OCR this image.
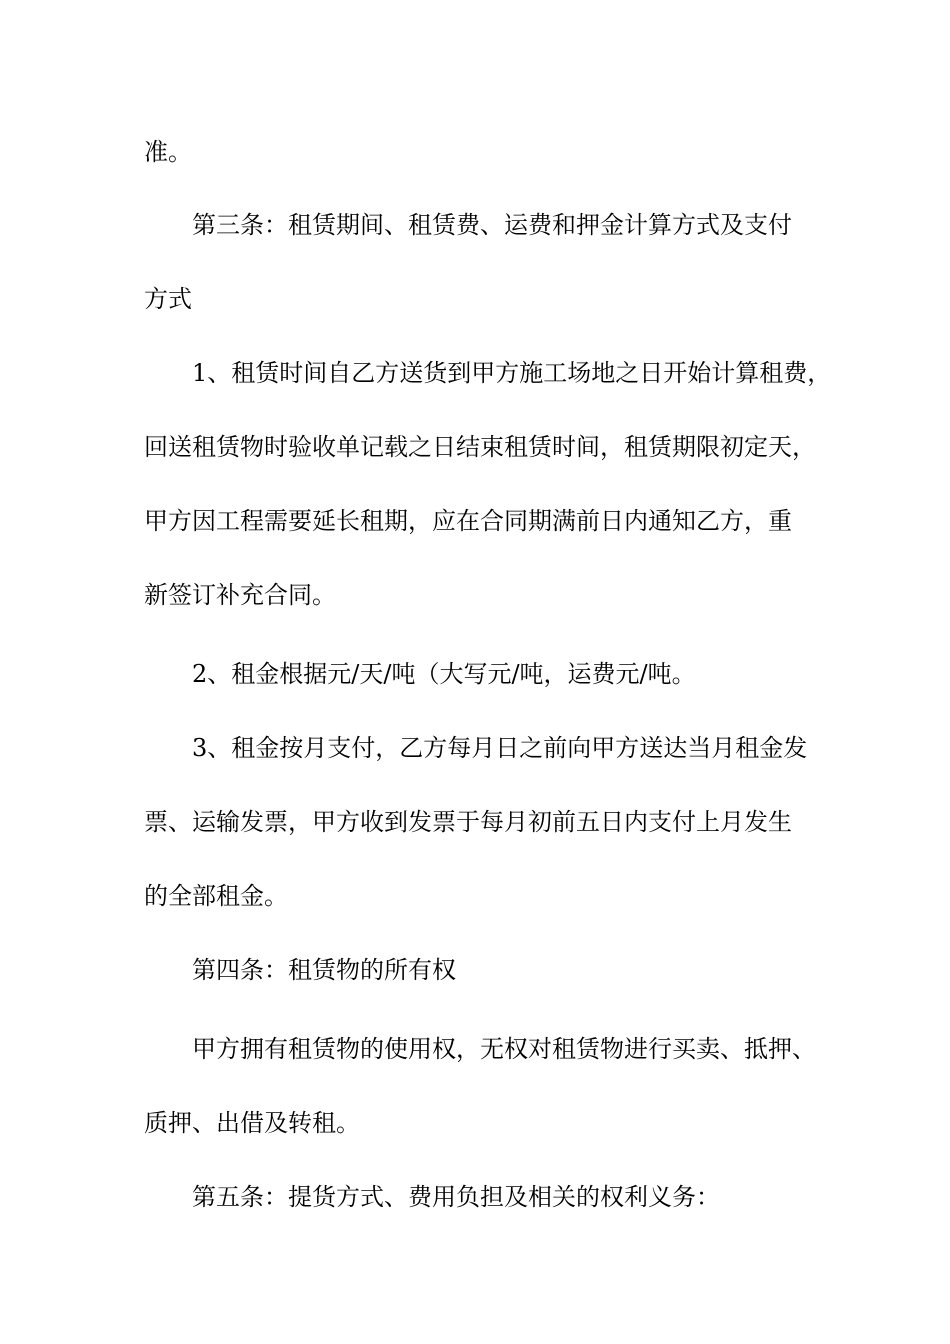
准。
第三条：租赁期间、租赁费、运费和押金计算方式及支付
方式
1、租赁时间自乙方送货到甲方施工场地之日开始计算租费，
回送租赁物时验收单记载之日结束租赁时间，租赁期限初定天，
甲方因工程需要延长租期，应在合同期满前日内通知乙方，重
新签订补充合同。
2、租金根据元/天/吨（大写元/吨，运费元/吨。
3、租金按月支付，乙方每月日之前向甲方送达当月租金发
票、运输发票，甲方收到发票于每月初前五日内支付上月发生
的全部租金。
第四条：租赁物的所有权
甲方拥有租赁物的使用权，无权对租赁物进行买卖、抵押、
质押、出借及转租。
第五条：提货方式、费用负担及相关的权利义务：
